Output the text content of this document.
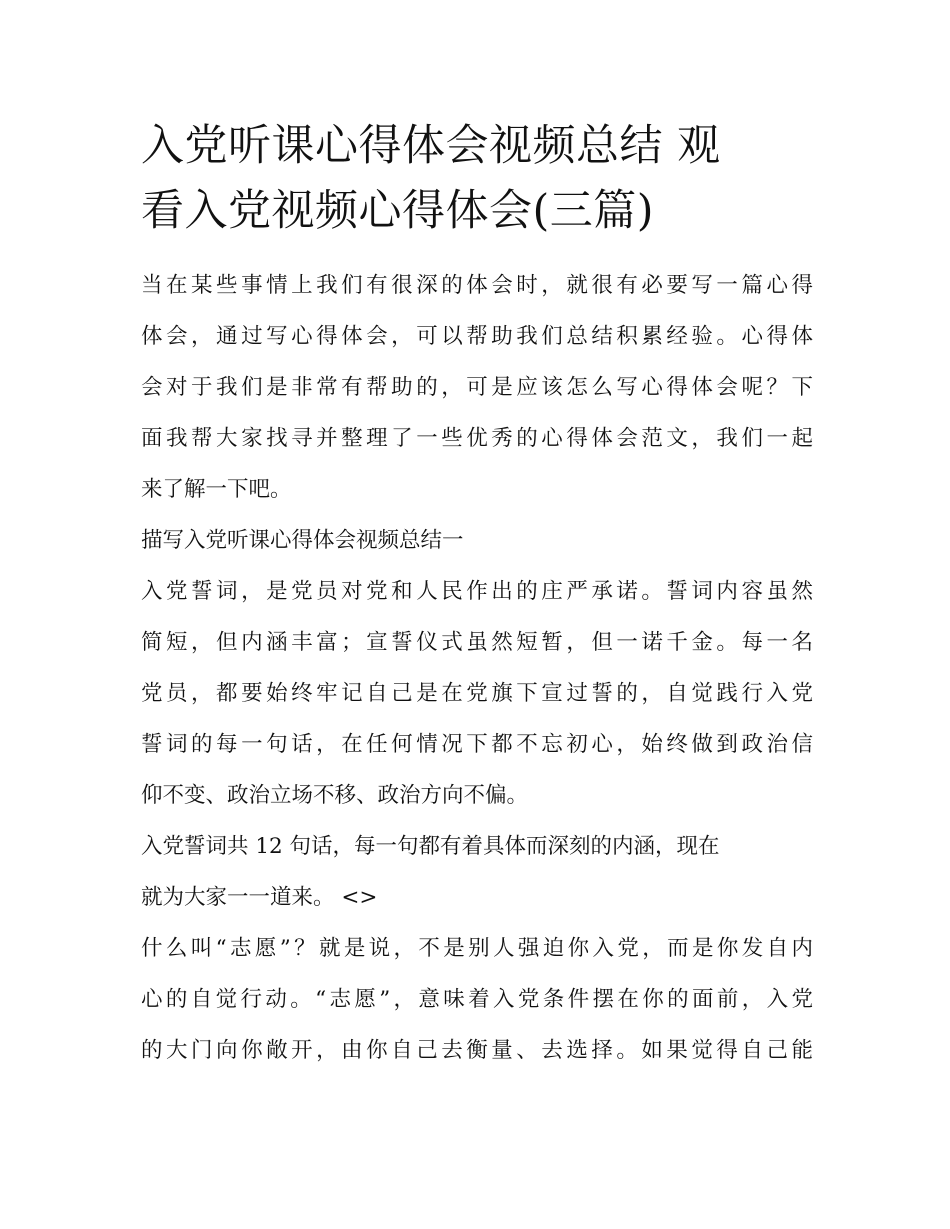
入党听课心得体会视频总结 观
看入党视频心得体会(三篇)

当在某些事情上我们有很深的体会时，就很有必要写一篇心得
体会，通过写心得体会，可以帮助我们总结积累经验。心得体
会对于我们是非常有帮助的，可是应该怎么写心得体会呢？下
面我帮大家找寻并整理了一些优秀的心得体会范文，我们一起
来了解一下吧。

描写入党听课心得体会视频总结一

入党誓词，是党员对党和人民作出的庄严承诺。誓词内容虽然
简短，但内涵丰富；宣誓仪式虽然短暂，但一诺千金。每一名
党员，都要始终牢记自己是在党旗下宣过誓的，自觉践行入党
誓词的每一句话，在任何情况下都不忘初心，始终做到政治信
仰不变、政治立场不移、政治方向不偏。

入党誓词共 12 句话，每一句都有着具体而深刻的内涵，现在
就为大家一一道来。 <>

什么叫“志愿”？就是说，不是别人强迫你入党，而是你发自内
心的自觉行动。“志愿”，意味着入党条件摆在你的面前，入党
的大门向你敞开，由你自己去衡量、去选择。如果觉得自己能
